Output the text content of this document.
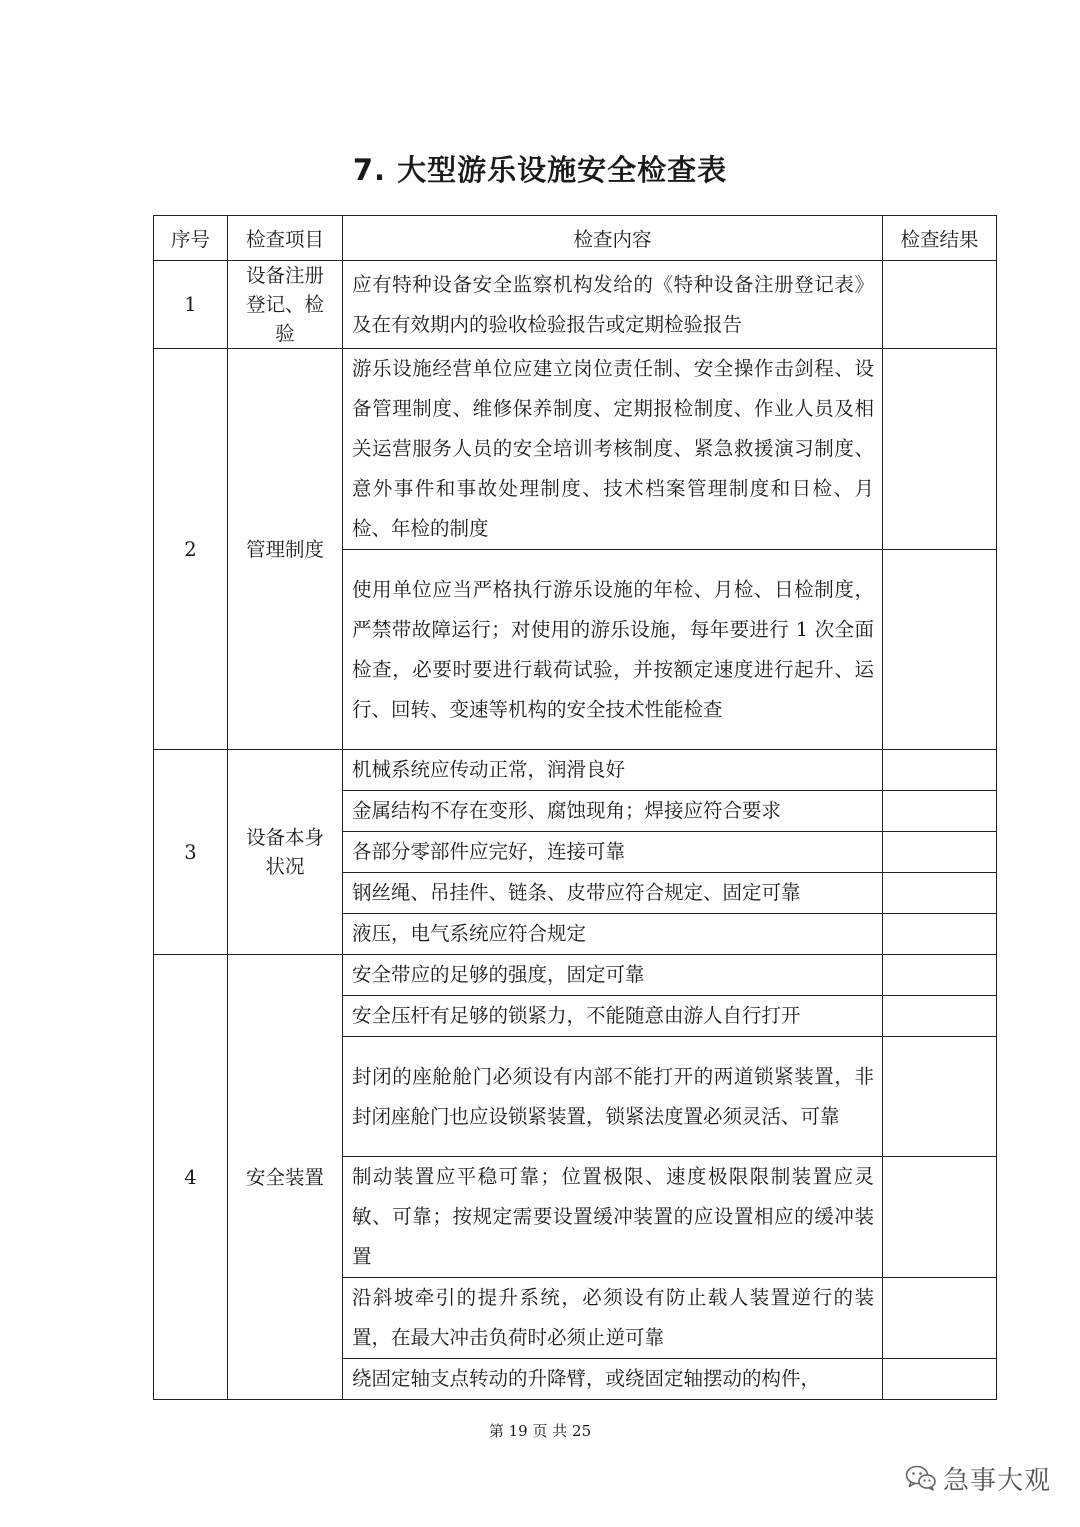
7. 大型游乐设施安全检查表
序号	检查项目	检查内容	检查结果
1	设备注册登记、检验	应有特种设备安全监察机构发给的《特种设备注册登记表》及在有效期内的验收检验报告或定期检验报告	
2	管理制度	游乐设施经营单位应建立岗位责任制、安全操作击剑程、设备管理制度、维修保养制度、定期报检制度、作业人员及相关运营服务人员的安全培训考核制度、紧急救援演习制度、意外事件和事故处理制度、技术档案管理制度和日检、月检、年检的制度	
		使用单位应当严格执行游乐设施的年检、月检、日检制度，严禁带故障运行；对使用的游乐设施，每年要进行 1 次全面检查，必要时要进行载荷试验，并按额定速度进行起升、运行、回转、变速等机构的安全技术性能检查	
3	设备本身状况	机械系统应传动正常，润滑良好	
		金属结构不存在变形、腐蚀现角；焊接应符合要求	
		各部分零部件应完好，连接可靠	
		钢丝绳、吊挂件、链条、皮带应符合规定、固定可靠	
		液压，电气系统应符合规定	
4	安全装置	安全带应的足够的强度，固定可靠	
		安全压杆有足够的锁紧力，不能随意由游人自行打开	
		封闭的座舱舱门必须设有内部不能打开的两道锁紧装置，非封闭座舱门也应设锁紧装置，锁紧法度置必须灵活、可靠	
		制动装置应平稳可靠；位置极限、速度极限限制装置应灵敏、可靠；按规定需要设置缓冲装置的应设置相应的缓冲装置	
		沿斜坡牵引的提升系统，必须设有防止载人装置逆行的装置，在最大冲击负荷时必须止逆可靠	
		绕固定轴支点转动的升降臂，或绕固定轴摆动的构件，	
第 19 页 共 25
急事大观
